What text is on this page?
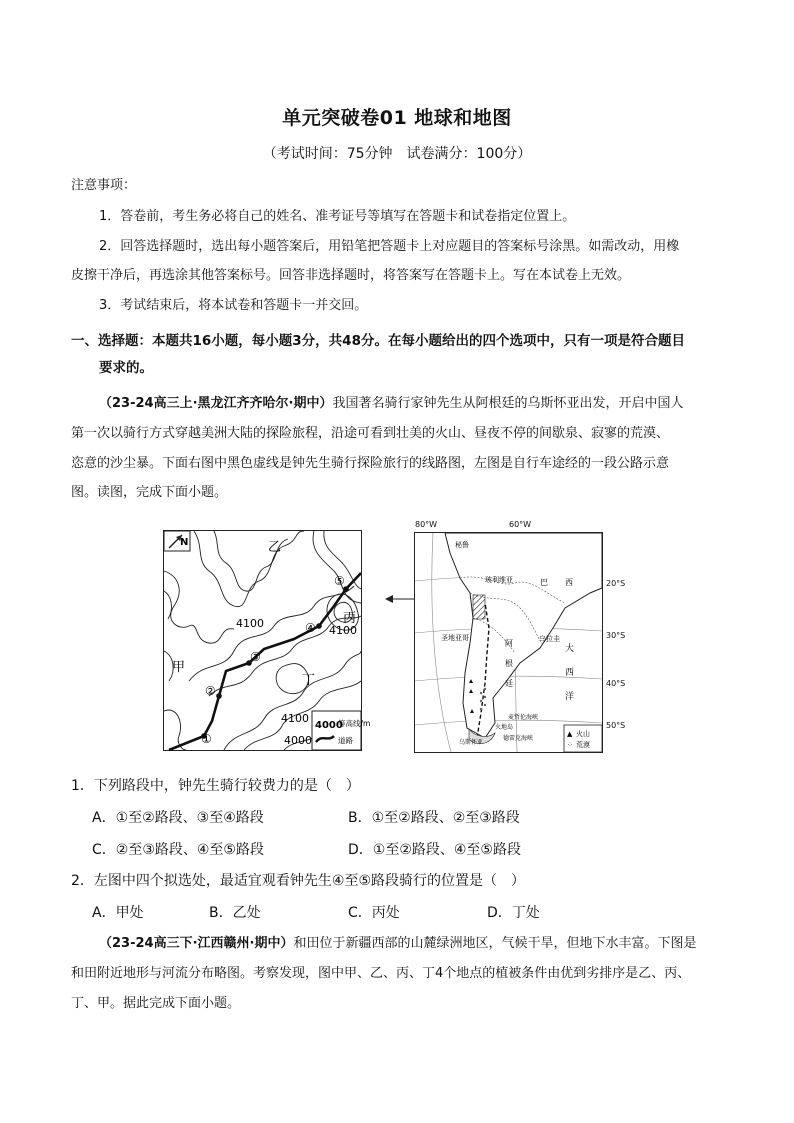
单元突破卷01 地球和地图
（考试时间：75分钟　试卷满分：100分）
注意事项：
1．答卷前，考生务必将自己的姓名、准考证号等填写在答题卡和试卷指定位置上。
2．回答选择题时，选出每小题答案后，用铅笔把答题卡上对应题目的答案标号涂黑。如需改动，用橡
皮擦干净后，再选涂其他答案标号。回答非选择题时，将答案写在答题卡上。写在本试卷上无效。
3．考试结束后，将本试卷和答题卡一并交回。
一、选择题：本题共16小题，每小题3分，共48分。在每小题给出的四个选项中，只有一项是符合题目
要求的。
（23-24高三上·黑龙江齐齐哈尔·期中）我国著名骑行家钟先生从阿根廷的乌斯怀亚出发，开启中国人
第一次以骑行方式穿越美洲大陆的探险旅程，沿途可看到壮美的火山、昼夜不停的间歇泉、寂寥的荒漠、
恣意的沙尘暴。下面右图中黑色虚线是钟先生骑行探险旅行的线路图，左图是自行车途经的一段公路示意
图。读图，完成下面小题。
N
①
②
③
④
⑤
乙
甲
丙
丁
4100
4100
4100
4000
4000
等高线/m
道路
80°W	60°W
秘鲁
玻利维亚	巴 西
圣地亚哥
阿
根
廷
乌拉圭
大
西
洋
麦哲伦海峡
火地岛
德雷克海峡
乌斯怀亚
▲ 火山
⁘ 荒漠
20°S
30°S
40°S
50°S
1．下列路段中，钟先生骑行较费力的是（　）
A．①至②路段、③至④路段	B．①至②路段、②至③路段
C．②至③路段、④至⑤路段	D．①至②路段、④至⑤路段
2．左图中四个拟选处，最适宜观看钟先生④至⑤路段骑行的位置是（　）
A．甲处	B．乙处	C．丙处	D．丁处
（23-24高三下·江西赣州·期中）和田位于新疆西部的山麓绿洲地区，气候干旱，但地下水丰富。下图是
和田附近地形与河流分布略图。考察发现，图中甲、乙、丙、丁4个地点的植被条件由优到劣排序是乙、丙、
丁、甲。据此完成下面小题。
